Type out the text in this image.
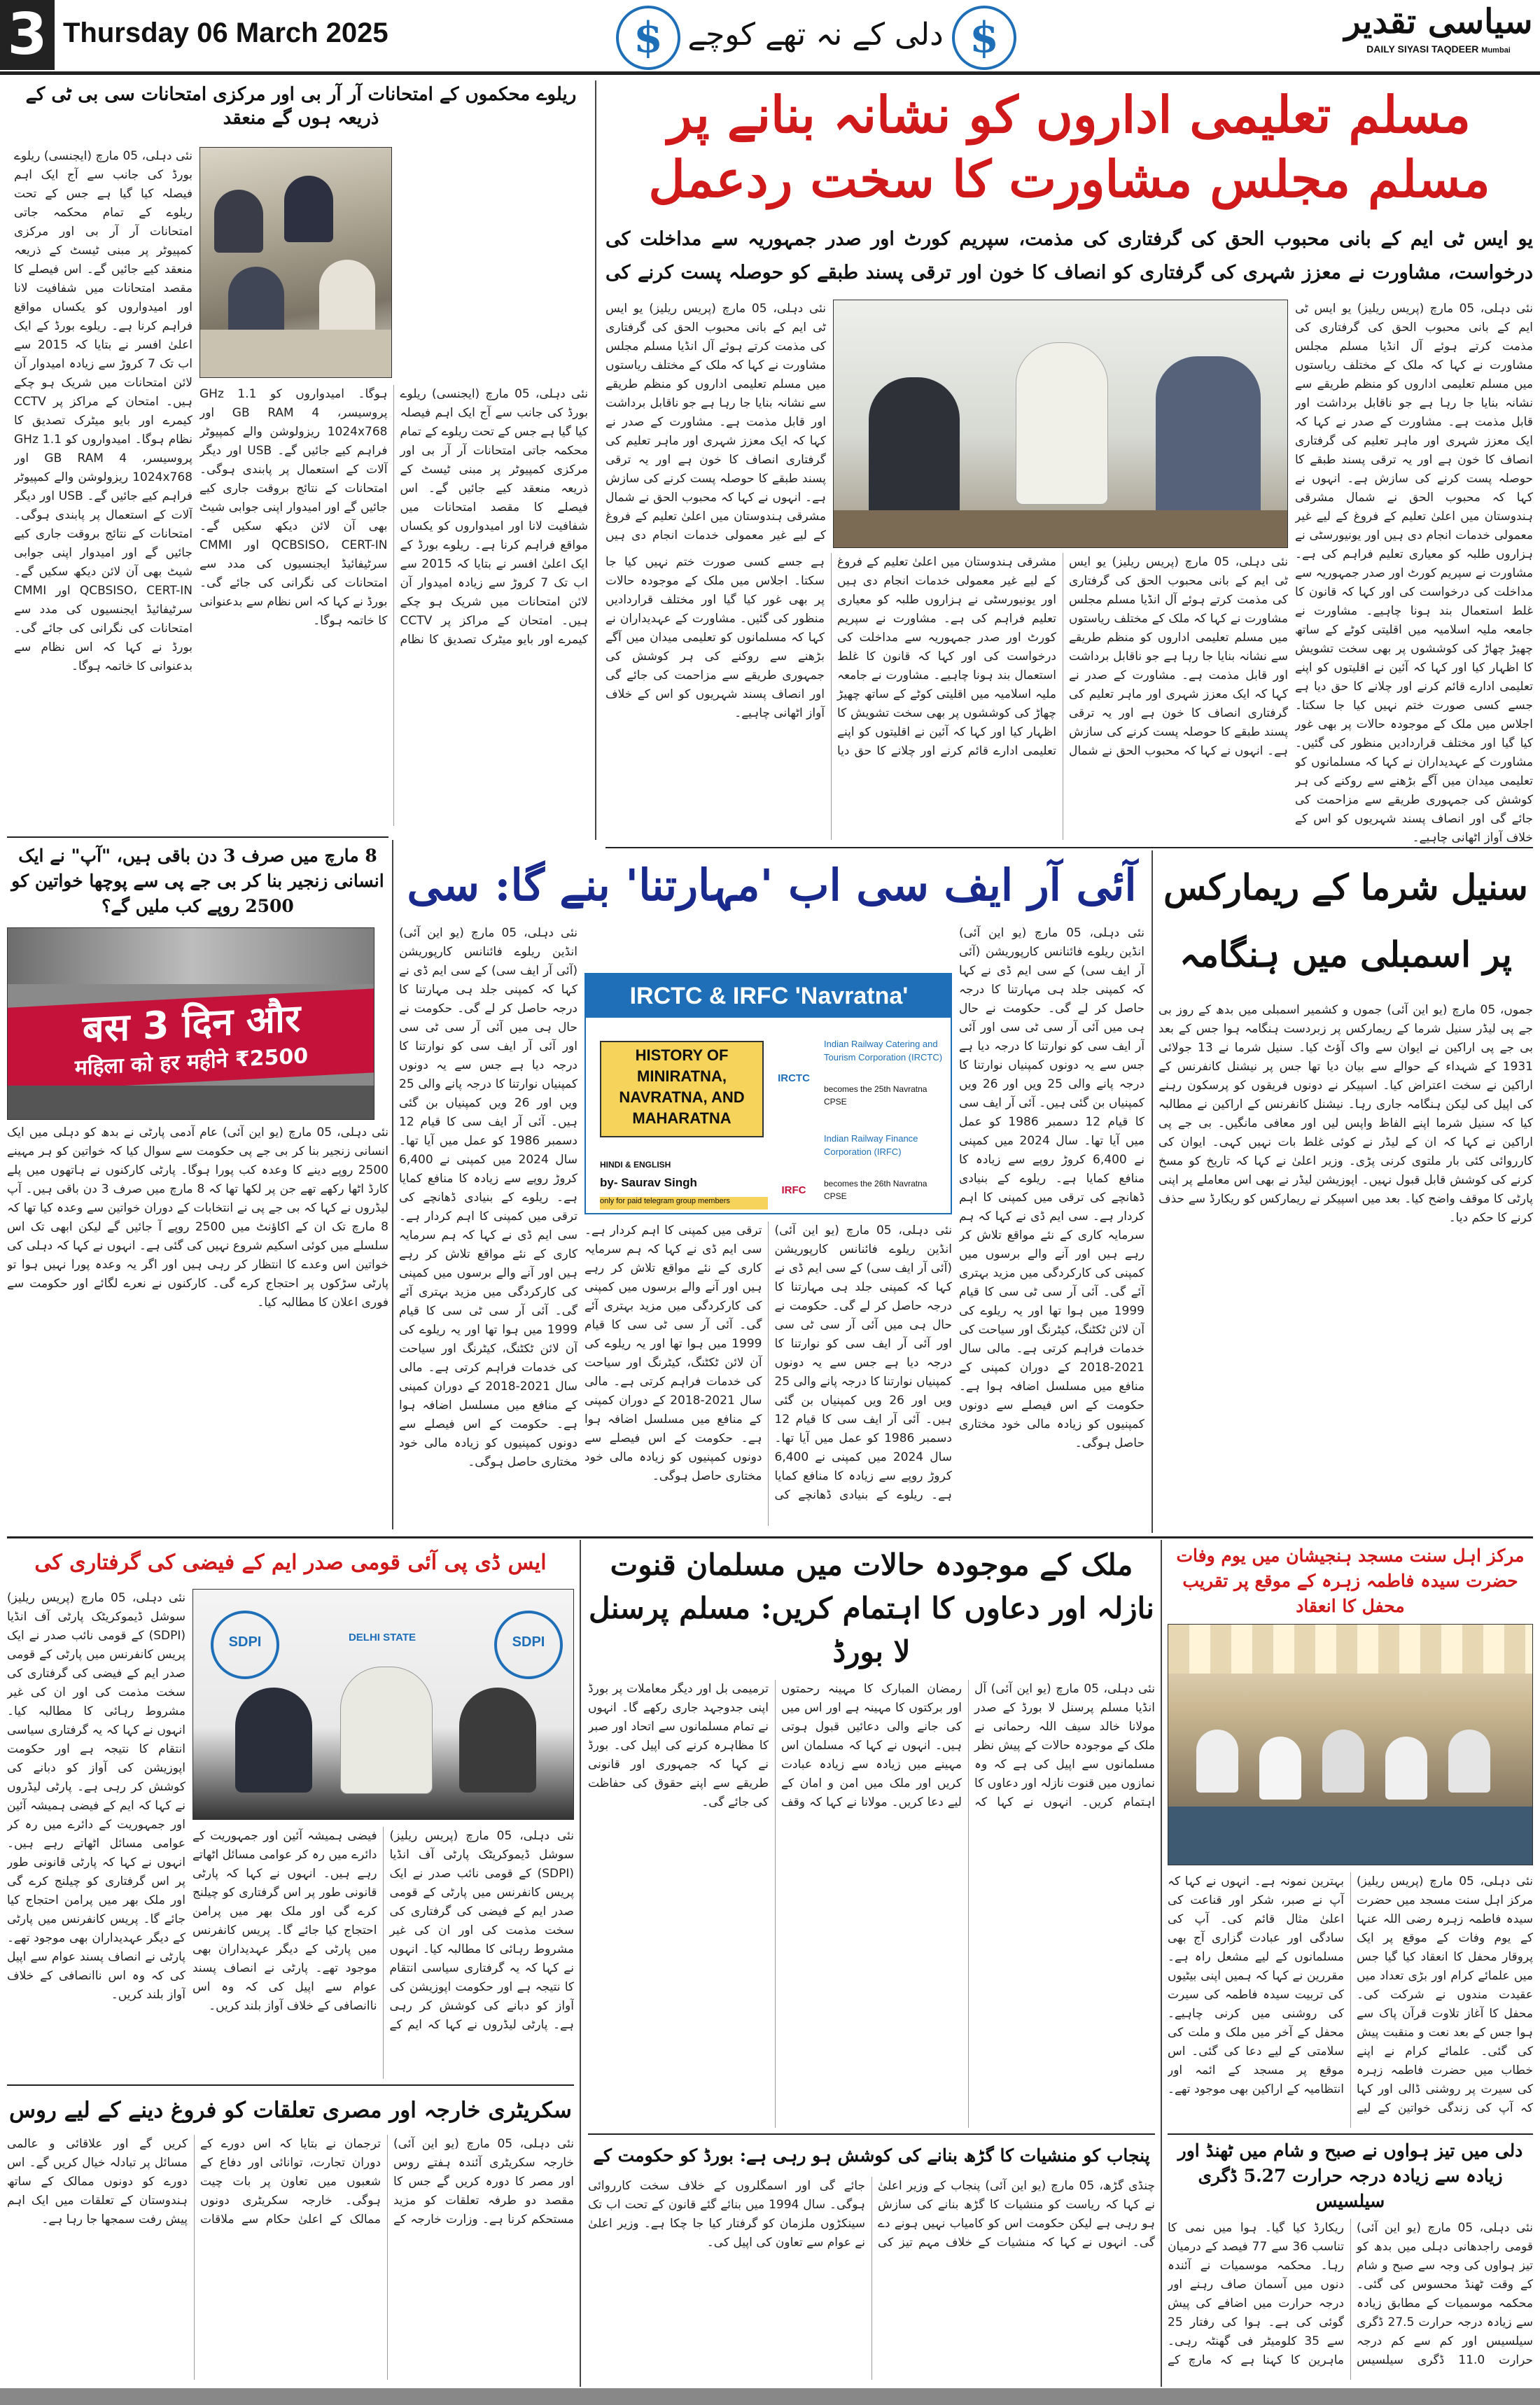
3 Thursday 06 March 2025	$	دلی کے نہ تھے کوچے	$	سیاسی تقدیر
DAILY SIYASI TAQDEER Mumbai
ریلوے محکموں کے امتحانات آر آر بی اور مرکزی امتحانات سی بی ٹی کے ذریعہ ہوں گے منعقد
نئی دہلی، 05 مارچ (ایجنسی) ریلوے بورڈ کی جانب سے آج ایک اہم فیصلہ کیا گیا ہے جس کے تحت ریلوے کے تمام محکمہ جاتی امتحانات آر آر بی اور مرکزی کمپیوٹر پر مبنی ٹیسٹ کے ذریعہ منعقد کیے جائیں گے۔ اس فیصلے کا مقصد امتحانات میں شفافیت لانا اور امیدواروں کو یکساں مواقع فراہم کرنا ہے۔ ریلوے بورڈ کے ایک اعلیٰ افسر نے بتایا کہ 2015 سے اب تک 7 کروڑ سے زیادہ امیدوار آن لائن امتحانات میں شریک ہو چکے ہیں۔ امتحان کے مراکز پر CCTV کیمرے اور بایو میٹرک تصدیق کا نظام ہوگا۔ امیدواروں کو GHz 1.1 پروسیسر، 4 GB RAM اور 1024x768 ریزولوشن والے کمپیوٹر فراہم کیے جائیں گے۔ USB اور دیگر آلات کے استعمال پر پابندی ہوگی۔ امتحانات کے نتائج بروقت جاری کیے جائیں گے اور امیدوار اپنی جوابی شیٹ بھی آن لائن دیکھ سکیں گے۔ QCBSISO، CERT-IN اور CMMI سرٹیفائیڈ ایجنسیوں کی مدد سے امتحانات کی نگرانی کی جائے گی۔ بورڈ نے کہا کہ اس نظام سے بدعنوانی کا خاتمہ ہوگا۔
نئی دہلی، 05 مارچ (ایجنسی) ریلوے بورڈ کی جانب سے آج ایک اہم فیصلہ کیا گیا ہے جس کے تحت ریلوے کے تمام محکمہ جاتی امتحانات آر آر بی اور مرکزی کمپیوٹر پر مبنی ٹیسٹ کے ذریعہ منعقد کیے جائیں گے۔ اس فیصلے کا مقصد امتحانات میں شفافیت لانا اور امیدواروں کو یکساں مواقع فراہم کرنا ہے۔ ریلوے بورڈ کے ایک اعلیٰ افسر نے بتایا کہ 2015 سے اب تک 7 کروڑ سے زیادہ امیدوار آن لائن امتحانات میں شریک ہو چکے ہیں۔ امتحان کے مراکز پر CCTV کیمرے اور بایو میٹرک تصدیق کا نظام ہوگا۔ امیدواروں کو GHz 1.1 پروسیسر، 4 GB RAM اور 1024x768 ریزولوشن والے کمپیوٹر فراہم کیے جائیں گے۔ USB اور دیگر آلات کے استعمال پر پابندی ہوگی۔ امتحانات کے نتائج بروقت جاری کیے جائیں گے اور امیدوار اپنی جوابی شیٹ بھی آن لائن دیکھ سکیں گے۔ QCBSISO، CERT-IN اور CMMI سرٹیفائیڈ ایجنسیوں کی مدد سے امتحانات کی نگرانی کی جائے گی۔ بورڈ نے کہا کہ اس نظام سے بدعنوانی کا خاتمہ ہوگا۔
مسلم تعلیمی اداروں کو نشانہ بنانے پر مسلم مجلس مشاورت کا سخت ردعمل
یو ایس ٹی ایم کے بانی محبوب الحق کی گرفتاری کی مذمت، سپریم کورٹ اور صدر جمہوریہ سے مداخلت کی درخواست، مشاورت نے معزز شہری کی گرفتاری کو انصاف کا خون اور ترقی پسند طبقے کو حوصلہ پست کرنے کی
نئی دہلی، 05 مارچ (پریس ریلیز) یو ایس ٹی ایم کے بانی محبوب الحق کی گرفتاری کی مذمت کرتے ہوئے آل انڈیا مسلم مجلس مشاورت نے کہا کہ ملک کے مختلف ریاستوں میں مسلم تعلیمی اداروں کو منظم طریقے سے نشانہ بنایا جا رہا ہے جو ناقابل برداشت اور قابل مذمت ہے۔ مشاورت کے صدر نے کہا کہ ایک معزز شہری اور ماہر تعلیم کی گرفتاری انصاف کا خون ہے اور یہ ترقی پسند طبقے کا حوصلہ پست کرنے کی سازش ہے۔ انہوں نے کہا کہ محبوب الحق نے شمال مشرقی ہندوستان میں اعلیٰ تعلیم کے فروغ کے لیے غیر معمولی خدمات انجام دی ہیں اور یونیورسٹی نے ہزاروں طلبہ کو معیاری تعلیم فراہم کی ہے۔ مشاورت نے سپریم کورٹ اور صدر جمہوریہ سے مداخلت کی درخواست کی اور کہا کہ قانون کا غلط استعمال بند ہونا چاہیے۔ مشاورت نے جامعہ ملیہ اسلامیہ میں اقلیتی کوٹے کے ساتھ چھیڑ چھاڑ کی کوششوں پر بھی سخت تشویش کا اظہار کیا اور کہا کہ آئین نے اقلیتوں کو اپنے تعلیمی ادارے قائم کرنے اور چلانے کا حق دیا ہے جسے کسی صورت ختم نہیں کیا جا سکتا۔ اجلاس میں ملک کے موجودہ حالات پر بھی غور کیا گیا اور مختلف قراردادیں منظور کی گئیں۔ مشاورت کے عہدیداران نے کہا کہ مسلمانوں کو تعلیمی میدان میں آگے بڑھنے سے روکنے کی ہر کوشش کی جمہوری طریقے سے مزاحمت کی جائے گی اور انصاف پسند شہریوں کو اس کے خلاف آواز اٹھانی چاہیے۔
نئی دہلی، 05 مارچ (پریس ریلیز) یو ایس ٹی ایم کے بانی محبوب الحق کی گرفتاری کی مذمت کرتے ہوئے آل انڈیا مسلم مجلس مشاورت نے کہا کہ ملک کے مختلف ریاستوں میں مسلم تعلیمی اداروں کو منظم طریقے سے نشانہ بنایا جا رہا ہے جو ناقابل برداشت اور قابل مذمت ہے۔ مشاورت کے صدر نے کہا کہ ایک معزز شہری اور ماہر تعلیم کی گرفتاری انصاف کا خون ہے اور یہ ترقی پسند طبقے کا حوصلہ پست کرنے کی سازش ہے۔ انہوں نے کہا کہ محبوب الحق نے شمال مشرقی ہندوستان میں اعلیٰ تعلیم کے فروغ کے لیے غیر معمولی خدمات انجام دی ہیں اور یونیورسٹی نے ہزاروں طلبہ کو معیاری تعلیم فراہم کی ہے۔ مشاورت نے سپریم کورٹ اور صدر جمہوریہ سے مداخلت کی درخواست کی اور کہا کہ قانون کا غلط استعمال بند ہونا چاہیے۔ مشاورت نے جامعہ ملیہ اسلامیہ میں اقلیتی کوٹے کے ساتھ چھیڑ چھاڑ کی کوششوں پر بھی سخت تشویش کا اظہار کیا اور کہا کہ آئین نے اقلیتوں کو اپنے تعلیمی ادارے قائم کرنے اور چلانے کا حق دیا ہے جسے کسی صورت ختم نہیں کیا جا سکتا۔ اجلاس میں ملک کے موجودہ حالات پر بھی غور کیا گیا اور مختلف قراردادیں منظور کی گئیں۔ مشاورت کے عہدیداران نے کہا کہ مسلمانوں کو تعلیمی میدان میں آگے بڑھنے سے روکنے کی ہر کوشش کی جمہوری طریقے سے مزاحمت کی جائے گی اور انصاف پسند شہریوں کو اس کے خلاف آواز اٹھانی چاہیے۔
نئی دہلی، 05 مارچ (پریس ریلیز) یو ایس ٹی ایم کے بانی محبوب الحق کی گرفتاری کی مذمت کرتے ہوئے آل انڈیا مسلم مجلس مشاورت نے کہا کہ ملک کے مختلف ریاستوں میں مسلم تعلیمی اداروں کو منظم طریقے سے نشانہ بنایا جا رہا ہے جو ناقابل برداشت اور قابل مذمت ہے۔ مشاورت کے صدر نے کہا کہ ایک معزز شہری اور ماہر تعلیم کی گرفتاری انصاف کا خون ہے اور یہ ترقی پسند طبقے کا حوصلہ پست کرنے کی سازش ہے۔ انہوں نے کہا کہ محبوب الحق نے شمال مشرقی ہندوستان میں اعلیٰ تعلیم کے فروغ کے لیے غیر معمولی خدمات انجام دی ہیں
8 مارچ میں صرف 3 دن باقی ہیں، "آپ" نے ایک انسانی زنجیر بنا کر بی جے پی سے پوچھا خواتین کو 2500 روپے کب ملیں گے؟
बस 3 दिन और
महिला को हर महीने ₹2500
نئی دہلی، 05 مارچ (یو این آئی) عام آدمی پارٹی نے بدھ کو دہلی میں ایک انسانی زنجیر بنا کر بی جے پی حکومت سے سوال کیا کہ خواتین کو ہر مہینے 2500 روپے دینے کا وعدہ کب پورا ہوگا۔ پارٹی کارکنوں نے ہاتھوں میں پلے کارڈ اٹھا رکھے تھے جن پر لکھا تھا کہ 8 مارچ میں صرف 3 دن باقی ہیں۔ آپ لیڈروں نے کہا کہ بی جے پی نے انتخابات کے دوران خواتین سے وعدہ کیا تھا کہ 8 مارچ تک ان کے اکاؤنٹ میں 2500 روپے آ جائیں گے لیکن ابھی تک اس سلسلے میں کوئی اسکیم شروع نہیں کی گئی ہے۔ انہوں نے کہا کہ دہلی کی خواتین اس وعدے کا انتظار کر رہی ہیں اور اگر یہ وعدہ پورا نہیں ہوا تو پارٹی سڑکوں پر احتجاج کرے گی۔ کارکنوں نے نعرے لگائے اور حکومت سے فوری اعلان کا مطالبہ کیا۔
آئی آر ایف سی اب 'مہارتنا' بنے گا: سی
IRCTC & IRFC 'Navratna'
HISTORY OF MINIRATNA, NAVRATNA, AND MAHARATNA
HINDI & ENGLISH
by- Saurav Singh
only for paid telegram group members
IRCTC
IRFC
Indian Railway Catering and Tourism Corporation (IRCTC)
becomes the 25th Navratna CPSE
Indian Railway Finance Corporation (IRFC)
becomes the 26th Navratna CPSE
نئی دہلی، 05 مارچ (یو این آئی) انڈین ریلوے فائنانس کارپوریشن (آئی آر ایف سی) کے سی ایم ڈی نے کہا کہ کمپنی جلد ہی مہارتنا کا درجہ حاصل کر لے گی۔ حکومت نے حال ہی میں آئی آر سی ٹی سی اور آئی آر ایف سی کو نوارتنا کا درجہ دیا ہے جس سے یہ دونوں کمپنیاں نوارتنا کا درجہ پانے والی 25 ویں اور 26 ویں کمپنیاں بن گئی ہیں۔ آئی آر ایف سی کا قیام 12 دسمبر 1986 کو عمل میں آیا تھا۔ سال 2024 میں کمپنی نے 6,400 کروڑ روپے سے زیادہ کا منافع کمایا ہے۔ ریلوے کے بنیادی ڈھانچے کی ترقی میں کمپنی کا اہم کردار ہے۔ سی ایم ڈی نے کہا کہ ہم سرمایہ کاری کے نئے مواقع تلاش کر رہے ہیں اور آنے والے برسوں میں کمپنی کی کارکردگی میں مزید بہتری آئے گی۔ آئی آر سی ٹی سی کا قیام 1999 میں ہوا تھا اور یہ ریلوے کی آن لائن ٹکٹنگ، کیٹرنگ اور سیاحت کی خدمات فراہم کرتی ہے۔ مالی سال 2021-2018 کے دوران کمپنی کے منافع میں مسلسل اضافہ ہوا ہے۔ حکومت کے اس فیصلے سے دونوں کمپنیوں کو زیادہ مالی خود مختاری حاصل ہوگی۔
نئی دہلی، 05 مارچ (یو این آئی) انڈین ریلوے فائنانس کارپوریشن (آئی آر ایف سی) کے سی ایم ڈی نے کہا کہ کمپنی جلد ہی مہارتنا کا درجہ حاصل کر لے گی۔ حکومت نے حال ہی میں آئی آر سی ٹی سی اور آئی آر ایف سی کو نوارتنا کا درجہ دیا ہے جس سے یہ دونوں کمپنیاں نوارتنا کا درجہ پانے والی 25 ویں اور 26 ویں کمپنیاں بن گئی ہیں۔ آئی آر ایف سی کا قیام 12 دسمبر 1986 کو عمل میں آیا تھا۔ سال 2024 میں کمپنی نے 6,400 کروڑ روپے سے زیادہ کا منافع کمایا ہے۔ ریلوے کے بنیادی ڈھانچے کی ترقی میں کمپنی کا اہم کردار ہے۔ سی ایم ڈی نے کہا کہ ہم سرمایہ کاری کے نئے مواقع تلاش کر رہے ہیں اور آنے والے برسوں میں کمپنی کی کارکردگی میں مزید بہتری آئے گی۔ آئی آر سی ٹی سی کا قیام 1999 میں ہوا تھا اور یہ ریلوے کی آن لائن ٹکٹنگ، کیٹرنگ اور سیاحت کی خدمات فراہم کرتی ہے۔ مالی سال 2021-2018 کے دوران کمپنی کے منافع میں مسلسل اضافہ ہوا ہے۔ حکومت کے اس فیصلے سے دونوں کمپنیوں کو زیادہ مالی خود مختاری حاصل ہوگی۔
نئی دہلی، 05 مارچ (یو این آئی) انڈین ریلوے فائنانس کارپوریشن (آئی آر ایف سی) کے سی ایم ڈی نے کہا کہ کمپنی جلد ہی مہارتنا کا درجہ حاصل کر لے گی۔ حکومت نے حال ہی میں آئی آر سی ٹی سی اور آئی آر ایف سی کو نوارتنا کا درجہ دیا ہے جس سے یہ دونوں کمپنیاں نوارتنا کا درجہ پانے والی 25 ویں اور 26 ویں کمپنیاں بن گئی ہیں۔ آئی آر ایف سی کا قیام 12 دسمبر 1986 کو عمل میں آیا تھا۔ سال 2024 میں کمپنی نے 6,400 کروڑ روپے سے زیادہ کا منافع کمایا ہے۔ ریلوے کے بنیادی ڈھانچے کی ترقی میں کمپنی کا اہم کردار ہے۔ سی ایم ڈی نے کہا کہ ہم سرمایہ کاری کے نئے مواقع تلاش کر رہے ہیں اور آنے والے برسوں میں کمپنی کی کارکردگی میں مزید بہتری آئے گی۔ آئی آر سی ٹی سی کا قیام 1999 میں ہوا تھا اور یہ ریلوے کی آن لائن ٹکٹنگ، کیٹرنگ اور سیاحت کی خدمات فراہم کرتی ہے۔ مالی سال 2021-2018 کے دوران کمپنی کے منافع میں مسلسل اضافہ ہوا ہے۔ حکومت کے اس فیصلے سے دونوں کمپنیوں کو زیادہ مالی خود مختاری حاصل ہوگی۔
سنیل شرما کے ریمارکس پر اسمبلی میں ہنگامہ
جموں، 05 مارچ (یو این آئی) جموں و کشمیر اسمبلی میں بدھ کے روز بی جے پی لیڈر سنیل شرما کے ریمارکس پر زبردست ہنگامہ ہوا جس کے بعد بی جے پی اراکین نے ایوان سے واک آؤٹ کیا۔ سنیل شرما نے 13 جولائی 1931 کے شہداء کے حوالے سے بیان دیا تھا جس پر نیشنل کانفرنس کے اراکین نے سخت اعتراض کیا۔ اسپیکر نے دونوں فریقوں کو پرسکون رہنے کی اپیل کی لیکن ہنگامہ جاری رہا۔ نیشنل کانفرنس کے اراکین نے مطالبہ کیا کہ سنیل شرما اپنے الفاظ واپس لیں اور معافی مانگیں۔ بی جے پی اراکین نے کہا کہ ان کے لیڈر نے کوئی غلط بات نہیں کہی۔ ایوان کی کارروائی کئی بار ملتوی کرنی پڑی۔ وزیر اعلیٰ نے کہا کہ تاریخ کو مسخ کرنے کی کوشش قابل قبول نہیں۔ اپوزیشن لیڈر نے بھی اس معاملے پر اپنی پارٹی کا موقف واضح کیا۔ بعد میں اسپیکر نے ریمارکس کو ریکارڈ سے حذف کرنے کا حکم دیا۔
ایس ڈی پی آئی قومی صدر ایم کے فیضی کی گرفتاری کی
SDPI	SDPI
DELHI STATE
نئی دہلی، 05 مارچ (پریس ریلیز) سوشل ڈیموکریٹک پارٹی آف انڈیا (SDPI) کے قومی نائب صدر نے ایک پریس کانفرنس میں پارٹی کے قومی صدر ایم کے فیضی کی گرفتاری کی سخت مذمت کی اور ان کی غیر مشروط رہائی کا مطالبہ کیا۔ انہوں نے کہا کہ یہ گرفتاری سیاسی انتقام کا نتیجہ ہے اور حکومت اپوزیشن کی آواز کو دبانے کی کوشش کر رہی ہے۔ پارٹی لیڈروں نے کہا کہ ایم کے فیضی ہمیشہ آئین اور جمہوریت کے دائرے میں رہ کر عوامی مسائل اٹھاتے رہے ہیں۔ انہوں نے کہا کہ پارٹی قانونی طور پر اس گرفتاری کو چیلنج کرے گی اور ملک بھر میں پرامن احتجاج کیا جائے گا۔ پریس کانفرنس میں پارٹی کے دیگر عہدیداران بھی موجود تھے۔ پارٹی نے انصاف پسند عوام سے اپیل کی کہ وہ اس ناانصافی کے خلاف آواز بلند کریں۔
نئی دہلی، 05 مارچ (پریس ریلیز) سوشل ڈیموکریٹک پارٹی آف انڈیا (SDPI) کے قومی نائب صدر نے ایک پریس کانفرنس میں پارٹی کے قومی صدر ایم کے فیضی کی گرفتاری کی سخت مذمت کی اور ان کی غیر مشروط رہائی کا مطالبہ کیا۔ انہوں نے کہا کہ یہ گرفتاری سیاسی انتقام کا نتیجہ ہے اور حکومت اپوزیشن کی آواز کو دبانے کی کوشش کر رہی ہے۔ پارٹی لیڈروں نے کہا کہ ایم کے فیضی ہمیشہ آئین اور جمہوریت کے دائرے میں رہ کر عوامی مسائل اٹھاتے رہے ہیں۔ انہوں نے کہا کہ پارٹی قانونی طور پر اس گرفتاری کو چیلنج کرے گی اور ملک بھر میں پرامن احتجاج کیا جائے گا۔ پریس کانفرنس میں پارٹی کے دیگر عہدیداران بھی موجود تھے۔ پارٹی نے انصاف پسند عوام سے اپیل کی کہ وہ اس ناانصافی کے خلاف آواز بلند کریں۔
سکریٹری خارجہ اور مصری تعلقات کو فروغ دینے کے لیے روس
نئی دہلی، 05 مارچ (یو این آئی) خارجہ سکریٹری آئندہ ہفتے روس اور مصر کا دورہ کریں گے جس کا مقصد دو طرفہ تعلقات کو مزید مستحکم کرنا ہے۔ وزارت خارجہ کے ترجمان نے بتایا کہ اس دورے کے دوران تجارت، توانائی اور دفاع کے شعبوں میں تعاون پر بات چیت ہوگی۔ خارجہ سکریٹری دونوں ممالک کے اعلیٰ حکام سے ملاقات کریں گے اور علاقائی و عالمی مسائل پر تبادلہ خیال کریں گے۔ اس دورے کو دونوں ممالک کے ساتھ ہندوستان کے تعلقات میں ایک اہم پیش رفت سمجھا جا رہا ہے۔
ملک کے موجودہ حالات میں مسلمان قنوت نازلہ اور دعاوں کا اہتمام کریں: مسلم پرسنل لا بورڈ
نئی دہلی، 05 مارچ (یو این آئی) آل انڈیا مسلم پرسنل لا بورڈ کے صدر مولانا خالد سیف اللہ رحمانی نے ملک کے موجودہ حالات کے پیش نظر مسلمانوں سے اپیل کی ہے کہ وہ نمازوں میں قنوت نازلہ اور دعاوں کا اہتمام کریں۔ انہوں نے کہا کہ رمضان المبارک کا مہینہ رحمتوں اور برکتوں کا مہینہ ہے اور اس میں کی جانے والی دعائیں قبول ہوتی ہیں۔ انہوں نے کہا کہ مسلمان اس مہینے میں زیادہ سے زیادہ عبادت کریں اور ملک میں امن و امان کے لیے دعا کریں۔ مولانا نے کہا کہ وقف ترمیمی بل اور دیگر معاملات پر بورڈ اپنی جدوجہد جاری رکھے گا۔ انہوں نے تمام مسلمانوں سے اتحاد اور صبر کا مظاہرہ کرنے کی اپیل کی۔ بورڈ نے کہا کہ جمہوری اور قانونی طریقے سے اپنے حقوق کی حفاظت کی جائے گی۔
پنجاب کو منشیات کا گڑھ بنانے کی کوشش ہو رہی ہے: بورڈ کو حکومت کے
چنڈی گڑھ، 05 مارچ (یو این آئی) پنجاب کے وزیر اعلیٰ نے کہا کہ ریاست کو منشیات کا گڑھ بنانے کی سازش ہو رہی ہے لیکن حکومت اس کو کامیاب نہیں ہونے دے گی۔ انہوں نے کہا کہ منشیات کے خلاف مہم تیز کی جائے گی اور اسمگلروں کے خلاف سخت کارروائی ہوگی۔ سال 1994 میں بنائے گئے قانون کے تحت اب تک سینکڑوں ملزمان کو گرفتار کیا جا چکا ہے۔ وزیر اعلیٰ نے عوام سے تعاون کی اپیل کی۔
مرکز اہل سنت مسجد ہنجیشان میں یوم وفات حضرت سیدہ فاطمہ زہرہ کے موقع پر تقریب محفل کا انعقاد
نئی دہلی، 05 مارچ (پریس ریلیز) مرکز اہل سنت مسجد میں حضرت سیدہ فاطمہ زہرہ رضی اللہ عنہا کے یوم وفات کے موقع پر ایک پروقار محفل کا انعقاد کیا گیا جس میں علمائے کرام اور بڑی تعداد میں عقیدت مندوں نے شرکت کی۔ محفل کا آغاز تلاوت قرآن پاک سے ہوا جس کے بعد نعت و منقبت پیش کی گئی۔ علمائے کرام نے اپنے خطاب میں حضرت فاطمہ زہرہ کی سیرت پر روشنی ڈالی اور کہا کہ آپ کی زندگی خواتین کے لیے بہترین نمونہ ہے۔ انہوں نے کہا کہ آپ نے صبر، شکر اور قناعت کی اعلیٰ مثال قائم کی۔ آپ کی سادگی اور عبادت گزاری آج بھی مسلمانوں کے لیے مشعل راہ ہے۔ مقررین نے کہا کہ ہمیں اپنی بیٹیوں کی تربیت سیدہ فاطمہ کی سیرت کی روشنی میں کرنی چاہیے۔ محفل کے آخر میں ملک و ملت کی سلامتی کے لیے دعا کی گئی۔ اس موقع پر مسجد کے ائمہ اور انتظامیہ کے اراکین بھی موجود تھے۔
دلی میں تیز ہواوں نے صبح و شام میں ٹھنڈ اور زیادہ سے زیادہ درجہ حرارت 5.27 ڈگری سیلسیس
نئی دہلی، 05 مارچ (یو این آئی) قومی راجدھانی دہلی میں بدھ کو تیز ہواوں کی وجہ سے صبح و شام کے وقت ٹھنڈ محسوس کی گئی۔ محکمہ موسمیات کے مطابق زیادہ سے زیادہ درجہ حرارت 27.5 ڈگری سیلسیس اور کم سے کم درجہ حرارت 11.0 ڈگری سیلسیس ریکارڈ کیا گیا۔ ہوا میں نمی کا تناسب 36 سے 77 فیصد کے درمیان رہا۔ محکمہ موسمیات نے آئندہ دنوں میں آسمان صاف رہنے اور درجہ حرارت میں اضافے کی پیش گوئی کی ہے۔ ہوا کی رفتار 25 سے 35 کلومیٹر فی گھنٹہ رہی۔ ماہرین کا کہنا ہے کہ مارچ کے
